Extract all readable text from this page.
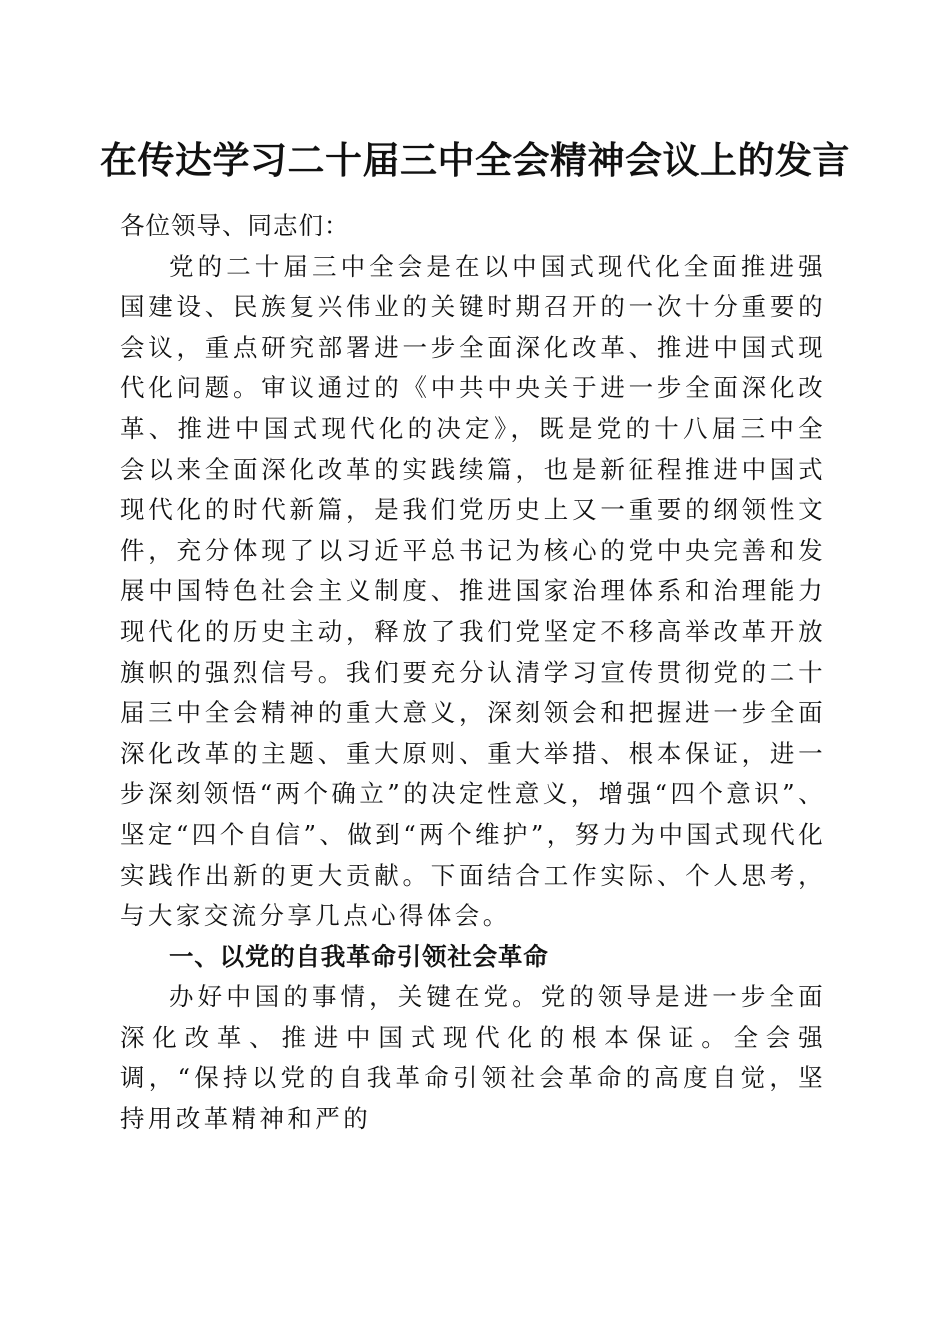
在传达学习二十届三中全会精神会议上的发言

各位领导、同志们：

党的二十届三中全会是在以中国式现代化全面推进强国建设、民族复兴伟业的关键时期召开的一次十分重要的会议，重点研究部署进一步全面深化改革、推进中国式现代化问题。审议通过的《中共中央关于进一步全面深化改革、推进中国式现代化的决定》，既是党的十八届三中全会以来全面深化改革的实践续篇，也是新征程推进中国式现代化的时代新篇，是我们党历史上又一重要的纲领性文件，充分体现了以习近平总书记为核心的党中央完善和发展中国特色社会主义制度、推进国家治理体系和治理能力现代化的历史主动，释放了我们党坚定不移高举改革开放旗帜的强烈信号。我们要充分认清学习宣传贯彻党的二十届三中全会精神的重大意义，深刻领会和把握进一步全面深化改革的主题、重大原则、重大举措、根本保证，进一步深刻领悟“两个确立”的决定性意义，增强“四个意识”、坚定“四个自信”、做到“两个维护”，努力为中国式现代化实践作出新的更大贡献。下面结合工作实际、个人思考，与大家交流分享几点心得体会。

一、以党的自我革命引领社会革命

办好中国的事情，关键在党。党的领导是进一步全面深化改革、推进中国式现代化的根本保证。全会强调，“保持以党的自我革命引领社会革命的高度自觉，坚持用改革精神和严的
